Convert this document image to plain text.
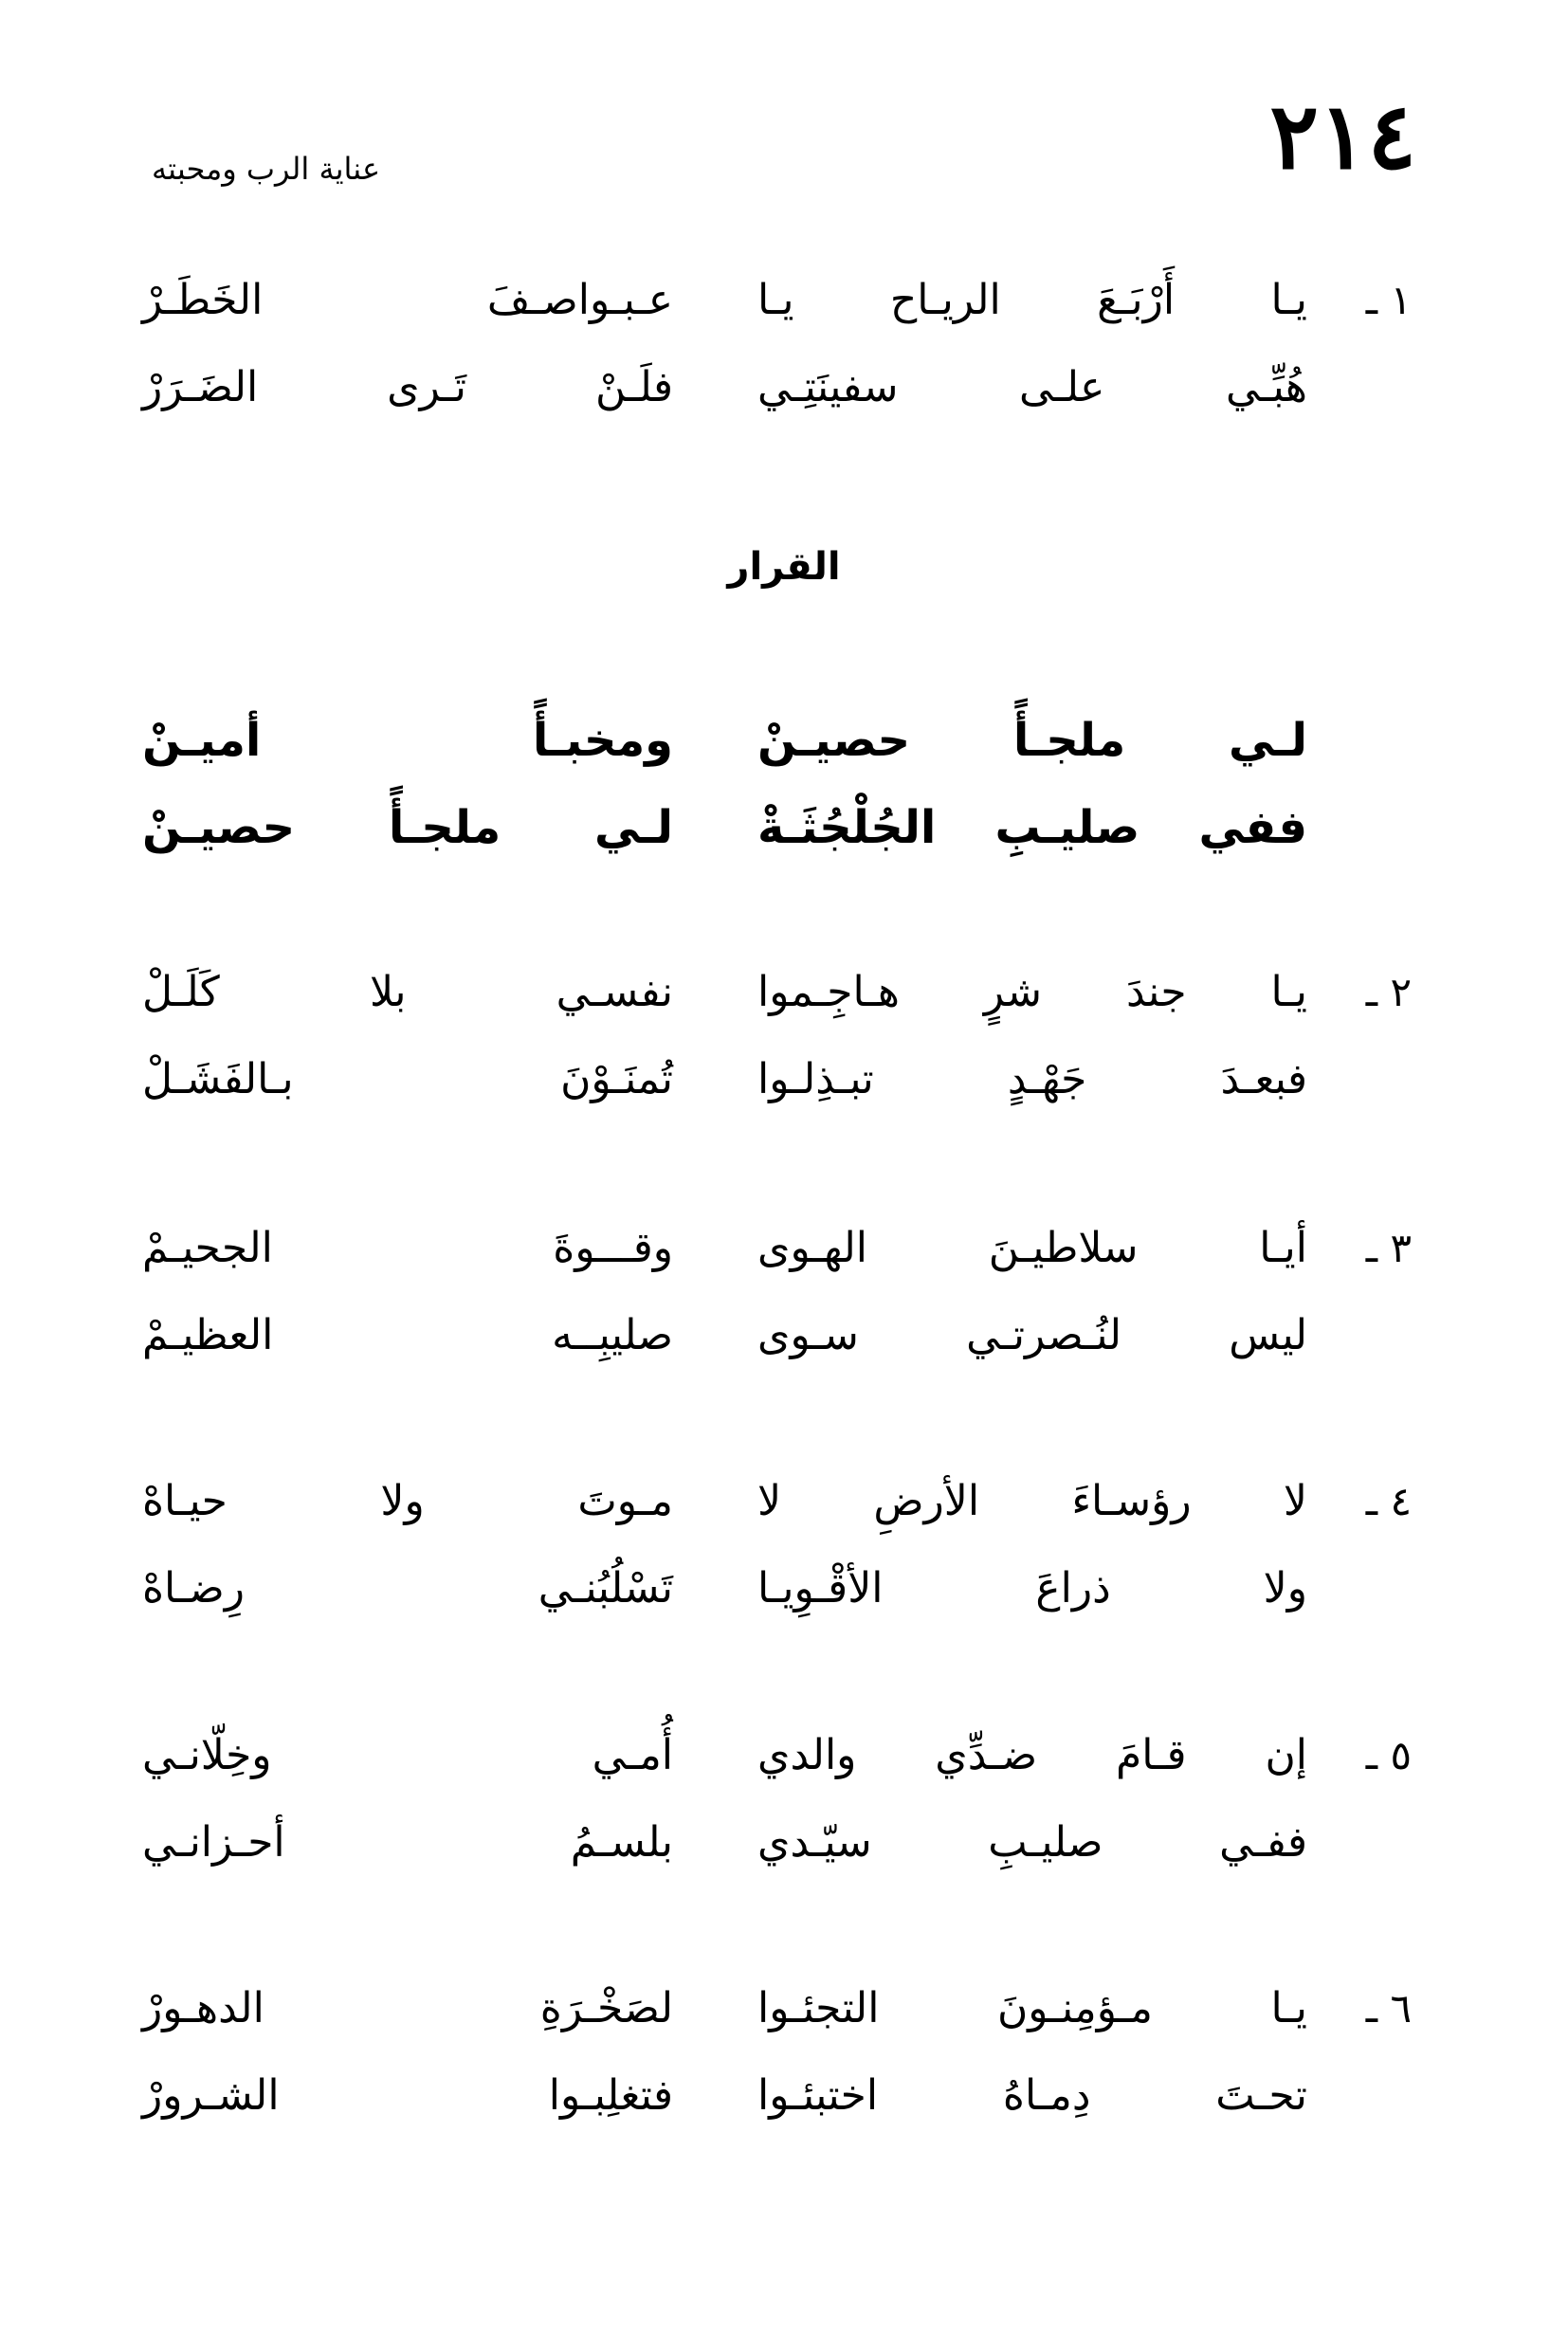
٢١٤
عناية الرب ومحبته
١ ـ
يـا أَرْبَـعَ الريـاح يـا
عـبـواصـفَ الخَطَـرْ
هُبِّـي علـى سفينَتِـي
فلَـنْ تَـرى الضَـرَرْ
القرار
لـي ملجـأً حصيـنْ
ومخبـأً أميـنْ
ففي صليـبِ الجُلْجُثَـةْ
لـي ملجـأً حصيـنْ
٢ ـ
يـا جندَ شرٍ هـاجِـموا
نفسـي بلا كَلَـلْ
فبعـدَ جَهْـدٍ تبـذِلـوا
تُمنَـوْنَ بـالفَشَـلْ
٣ ـ
أيـا سلاطيـنَ الهـوى
وقـــوةَ الجحيـمْ
ليس لنُـصرتـي سـوى
صليبِــه العظيـمْ
٤ ـ
لا رؤسـاءَ الأرضِ لا
مـوتَ ولا حيـاهْ
ولا ذراعَ الأقْـوِيـا
تَسْلُبُنـي رِضـاهْ
٥ ـ
إن قـامَ ضـدِّي والدي
أُمـي وخِلّانـي
ففـي صليـبِ سيّـدي
بلسـمُ أحـزانـي
٦ ـ
يـا مـؤمِنـونَ التجئـوا
لصَخْـرَةِ الدهـورْ
تحـتَ دِمـاهُ اختبئـوا
فتغلِبـوا الشـرورْ
